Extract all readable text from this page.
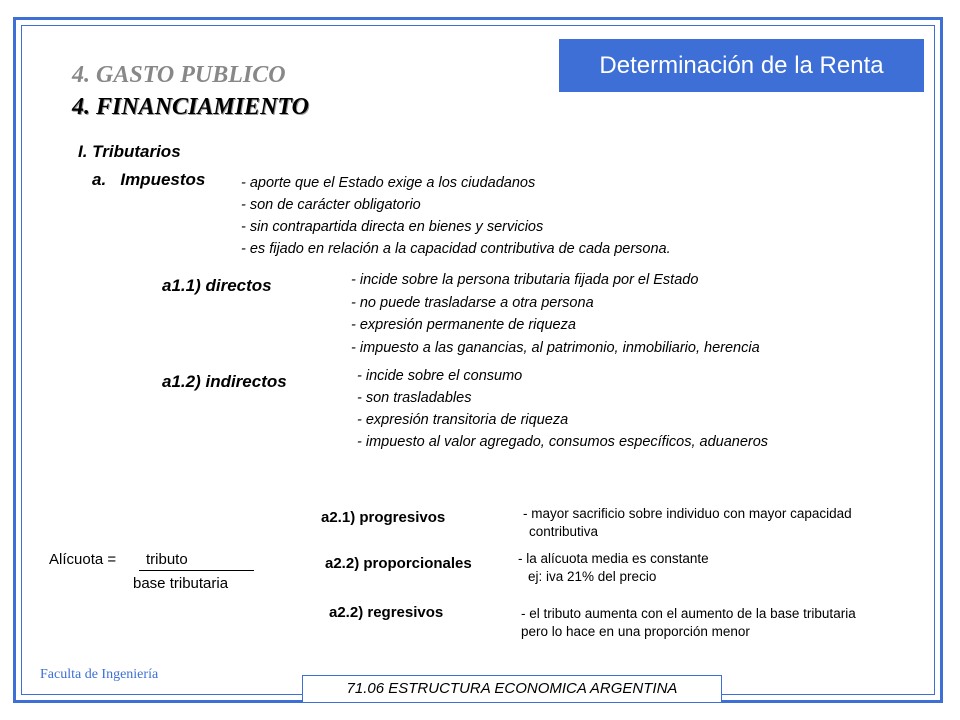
Determinación de la Renta
4. GASTO PUBLICO
4. FINANCIAMIENTO
I. Tributarios
a.   Impuestos - aporte que el Estado exige a los ciudadanos
- son de carácter obligatorio
- sin contrapartida directa en bienes y servicios
- es fijado en relación a la capacidad contributiva de cada persona.
a1.1) directos	- incide sobre la persona tributaria fijada por el Estado
- no puede trasladarse a otra persona
- expresión permanente de riqueza
- impuesto a las ganancias, al patrimonio, inmobiliario, herencia
a1.2) indirectos	- incide sobre el consumo
- son trasladables
- expresión transitoria de riqueza
- impuesto al valor agregado, consumos específicos, aduaneros
a2.1) progresivos	- mayor sacrificio sobre individuo con mayor capacidad
contributiva
Alícuota = tributo
base tributaria
a2.2) proporcionales	- la alícuota media es constante
ej: iva 21% del precio
a2.2) regresivos	- el tributo aumenta con el aumento de la base tributaria
pero lo hace en una proporción menor
Faculta de Ingeniería
71.06 ESTRUCTURA ECONOMICA ARGENTINA
